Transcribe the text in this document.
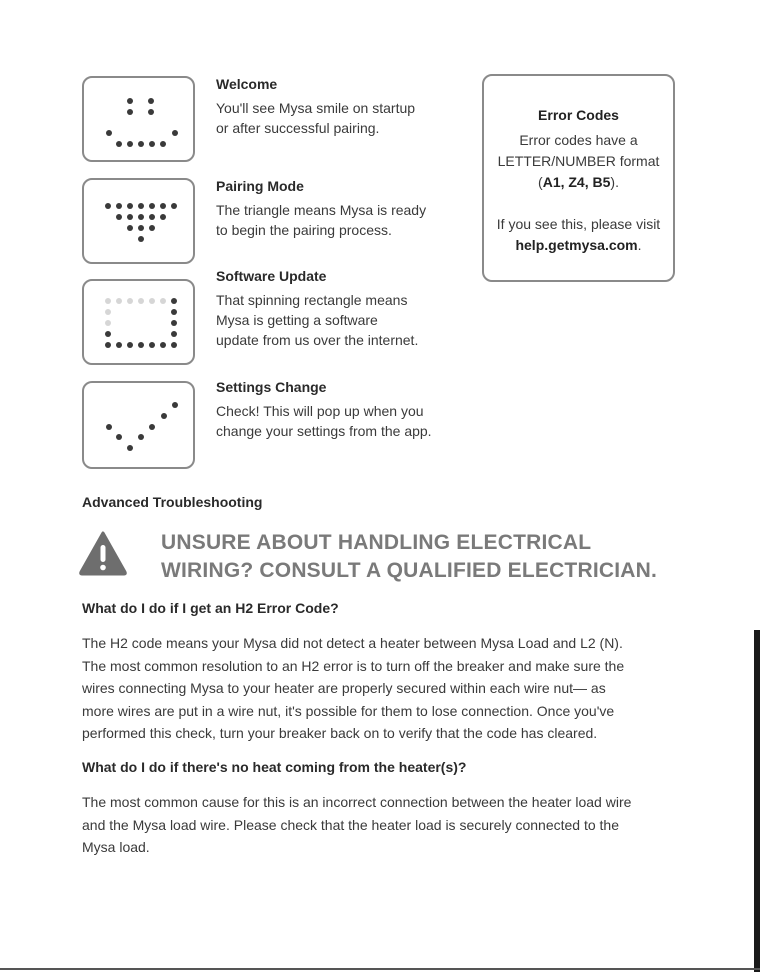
Welcome

You'll see Mysa smile on startup
or after successful pairing.

Pairing Mode

The triangle means Mysa is ready
to begin the pairing process.

Software Update

That spinning rectangle means
Mysa is getting a software
update from us over the internet.

Settings Change

Check! This will pop up when you
change your settings from the app.

Error Codes

Error codes have a

LETTER/NUMBER format

(A1, Z4, B5).

If you see this, please visit

help.getmysa.com.

Advanced Troubleshooting

UNSURE ABOUT HANDLING ELECTRICAL
WIRING? CONSULT A QUALIFIED ELECTRICIAN.

What do I do if I get an H2 Error Code?

The H2 code means your Mysa did not detect a heater between Mysa Load and L2 (N).
The most common resolution to an H2 error is to turn off the breaker and make sure the
wires connecting Mysa to your heater are properly secured within each wire nut— as
more wires are put in a wire nut, it's possible for them to lose connection. Once you've
performed this check, turn your breaker back on to verify that the code has cleared.

What do I do if there's no heat coming from the heater(s)?

The most common cause for this is an incorrect connection between the heater load wire
and the Mysa load wire. Please check that the heater load is securely connected to the
Mysa load.
